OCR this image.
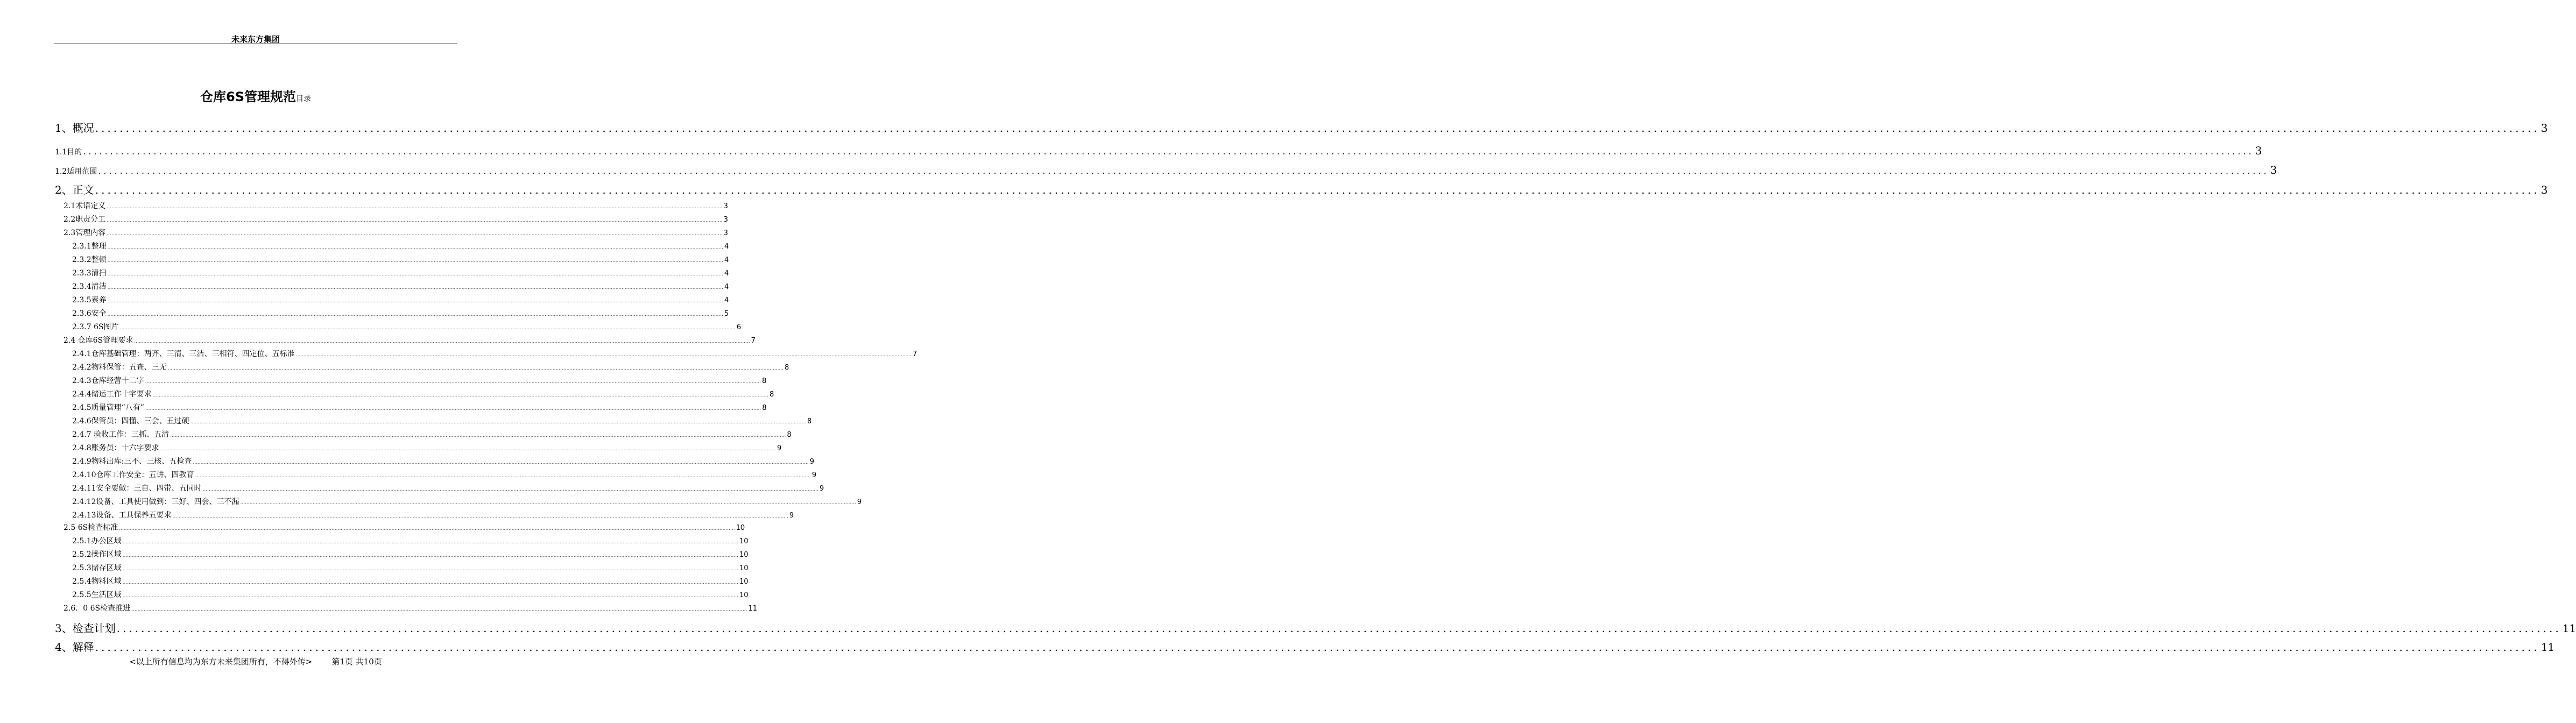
未来东方集团
仓库6S管理规范目录
1、概况 ................................................................................................................................................................................................................................................................................................................................................................................................................ 3
1.1目的 ................................................................................................................................................................................................................................................................................................................................................................................................................ 3
1.2适用范围 ................................................................................................................................................................................................................................................................................................................................................................................................................ 3
2、正文 ................................................................................................................................................................................................................................................................................................................................................................................................................ 3
2.1术语定义 ................................................................................................................................................................................................................................................................................................................................................................................................................ 3
2.2职责分工 ................................................................................................................................................................................................................................................................................................................................................................................................................ 3
2.3管理内容 ................................................................................................................................................................................................................................................................................................................................................................................................................ 3
2.3.1整理 ................................................................................................................................................................................................................................................................................................................................................................................................................ 4
2.3.2整顿 ................................................................................................................................................................................................................................................................................................................................................................................................................ 4
2.3.3清扫 ................................................................................................................................................................................................................................................................................................................................................................................................................ 4
2.3.4清洁 ................................................................................................................................................................................................................................................................................................................................................................................................................ 4
2.3.5素养 ................................................................................................................................................................................................................................................................................................................................................................................................................ 4
2.3.6安全 ................................................................................................................................................................................................................................................................................................................................................................................................................ 5
2.3.7 6S图片 ................................................................................................................................................................................................................................................................................................................................................................................................................ 6
2.4 仓库6S管理要求 ................................................................................................................................................................................................................................................................................................................................................................................................................ 7
2.4.1仓库基础管理：两齐、三清、三洁、三相符、四定位、五标准 ................................................................................................................................................................................................................................................................................................................................................................................................................ 7
2.4.2物料保管：五查、三无 ................................................................................................................................................................................................................................................................................................................................................................................................................ 8
2.4.3仓库经营十二字 ................................................................................................................................................................................................................................................................................................................................................................................................................ 8
2.4.4储运工作十字要求 ................................................................................................................................................................................................................................................................................................................................................................................................................ 8
2.4.5质量管理“八有” ................................................................................................................................................................................................................................................................................................................................................................................................................ 8
2.4.6保管员：四懂、三会、五过硬 ................................................................................................................................................................................................................................................................................................................................................................................................................ 8
2.4.7 验收工作：三抓、五清 ................................................................................................................................................................................................................................................................................................................................................................................................................ 8
2.4.8账务员：十六字要求 ................................................................................................................................................................................................................................................................................................................................................................................................................ 9
2.4.9物料出库:三不、三核、五检查 ................................................................................................................................................................................................................................................................................................................................................................................................................ 9
2.4.10仓库工作安全：五讲、四教育 ................................................................................................................................................................................................................................................................................................................................................................................................................ 9
2.4.11安全要做：三自、四带、五同时 ................................................................................................................................................................................................................................................................................................................................................................................................................ 9
2.4.12设备、工具使用做到：三好、四会、三不漏 ................................................................................................................................................................................................................................................................................................................................................................................................................ 9
2.4.13设备、工具保养五要求 ................................................................................................................................................................................................................................................................................................................................................................................................................ 9
2.5 6S检查标准 ................................................................................................................................................................................................................................................................................................................................................................................................................ 10
2.5.1办公区域 ................................................................................................................................................................................................................................................................................................................................................................................................................ 10
2.5.2操作区域 ................................................................................................................................................................................................................................................................................................................................................................................................................ 10
2.5.3储存区域 ................................................................................................................................................................................................................................................................................................................................................................................................................ 10
2.5.4物料区域 ................................................................................................................................................................................................................................................................................................................................................................................................................ 10
2.5.5生活区域 ................................................................................................................................................................................................................................................................................................................................................................................................................ 10
2.6．0 6S检查推进 ................................................................................................................................................................................................................................................................................................................................................................................................................ 11
3、检查计划 ................................................................................................................................................................................................................................................................................................................................................................................................................ 11
4、解释 ................................................................................................................................................................................................................................................................................................................................................................................................................ 11
<以上所有信息均为东方未来集团所有，不得外传> 第1页 共10页
